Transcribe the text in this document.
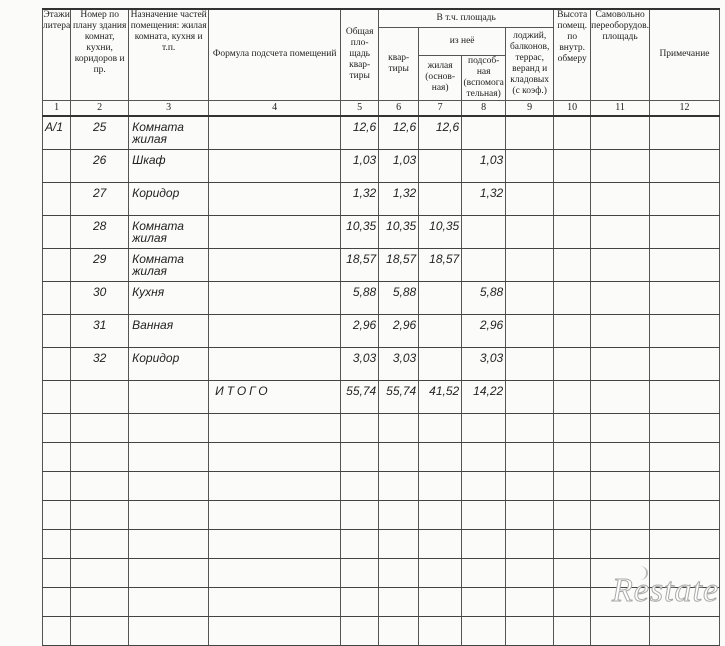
Этажи литера	Номер по плану здания комнат, кухни, коридоров и пр.	Назначение частей помещения: жилая комната, кухня и т.п.	Формула подсчета помещений	Общая пло-щадь квар-тиры	В т.ч. площадь				Высота помещ. по внутр. обмеру	Самовольно переоборудов. площадь	Примечание
					квар-тиры	из неё		лоджий, балконов, террас, веранд и кладовых (с коэф.)			
						жилая (основ-ная)	подсоб-ная (вспомога тельная)				
1	2	3	4	5	6	7	8	9	10	11	12
А/1	25	Комната жилая		12,6	12,6	12,6					
	26	Шкаф		1,03	1,03		1,03				
	27	Коридор		1,32	1,32		1,32				
	28	Комната жилая		10,35	10,35	10,35					
	29	Комната жилая		18,57	18,57	18,57					
	30	Кухня		5,88	5,88		5,88				
	31	Ванная		2,96	2,96		2,96				
	32	Коридор		3,03	3,03		3,03				
			ИТОГО	55,74	55,74	41,52	14,22				

Restate
